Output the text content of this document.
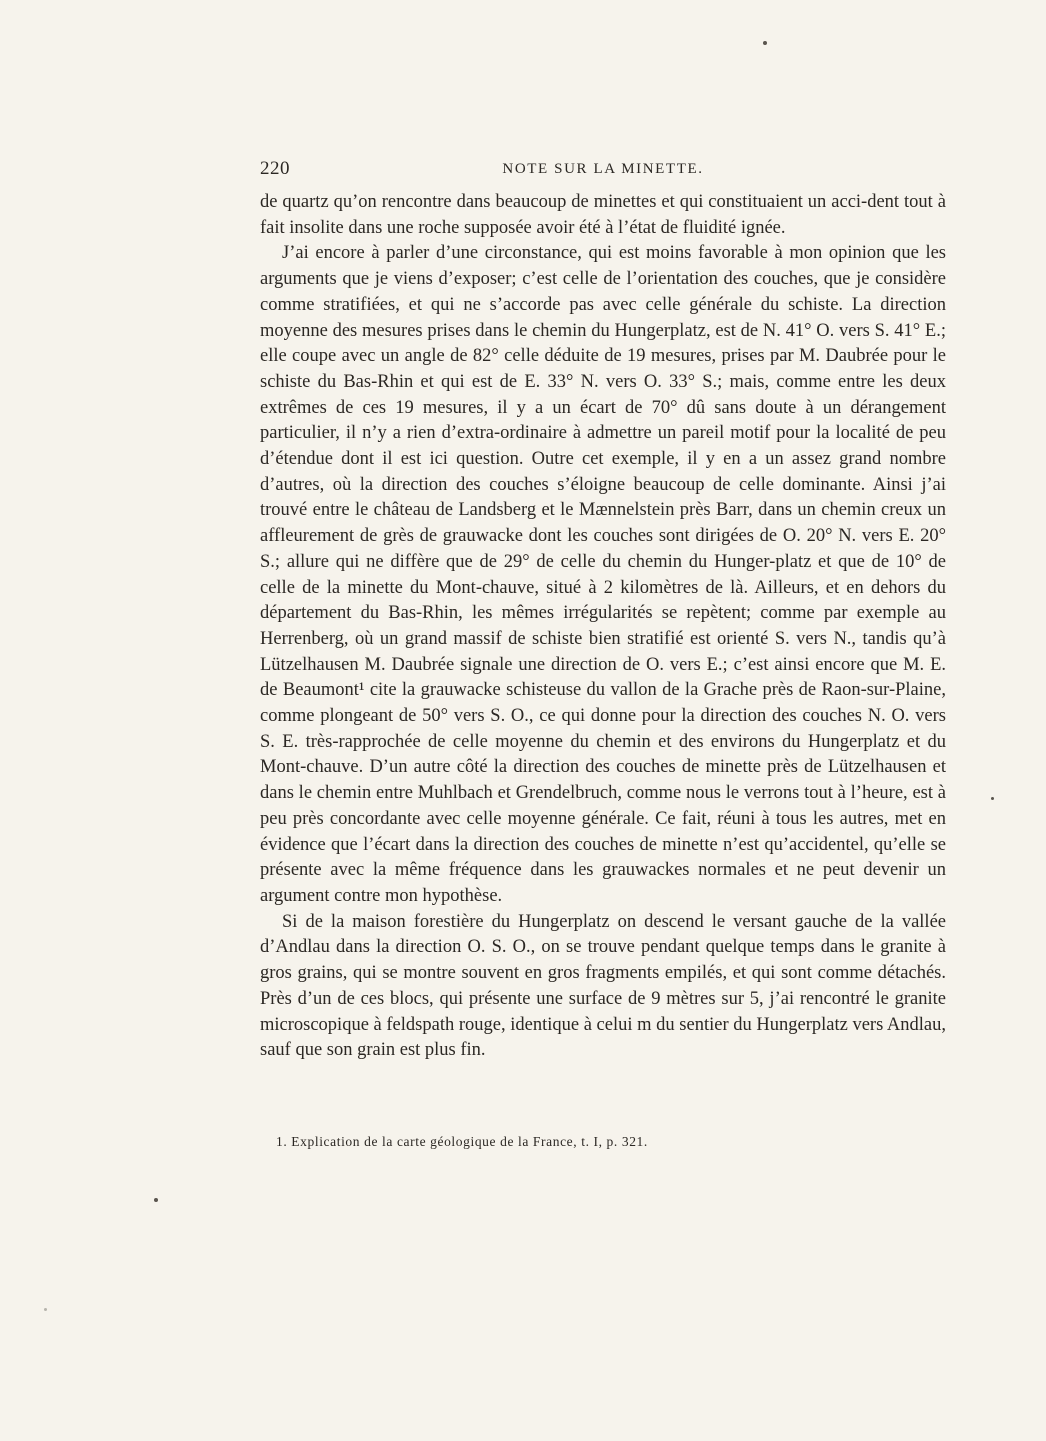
220	NOTE SUR LA MINETTE.

de quartz qu’on rencontre dans beaucoup de minettes et qui constituaient un acci-dent tout à fait insolite dans une roche supposée avoir été à l’état de fluidité ignée.

J’ai encore à parler d’une circonstance, qui est moins favorable à mon opinion que les arguments que je viens d’exposer; c’est celle de l’orientation des couches, que je considère comme stratifiées, et qui ne s’accorde pas avec celle générale du schiste. La direction moyenne des mesures prises dans le chemin du Hungerplatz, est de N. 41° O. vers S. 41° E.; elle coupe avec un angle de 82° celle déduite de 19 mesures, prises par M. Daubrée pour le schiste du Bas-Rhin et qui est de E. 33° N. vers O. 33° S.; mais, comme entre les deux extrêmes de ces 19 mesures, il y a un écart de 70° dû sans doute à un dérangement particulier, il n’y a rien d’extra-ordinaire à admettre un pareil motif pour la localité de peu d’étendue dont il est ici question. Outre cet exemple, il y en a un assez grand nombre d’autres, où la direction des couches s’éloigne beaucoup de celle dominante. Ainsi j’ai trouvé entre le château de Landsberg et le Mænnelstein près Barr, dans un chemin creux un affleurement de grès de grauwacke dont les couches sont dirigées de O. 20° N. vers E. 20° S.; allure qui ne diffère que de 29° de celle du chemin du Hunger-platz et que de 10° de celle de la minette du Mont-chauve, situé à 2 kilomètres de là. Ailleurs, et en dehors du département du Bas-Rhin, les mêmes irrégularités se repètent; comme par exemple au Herrenberg, où un grand massif de schiste bien stratifié est orienté S. vers N., tandis qu’à Lützelhausen M. Daubrée signale une direction de O. vers E.; c’est ainsi encore que M. E. de Beaumont¹ cite la grauwacke schisteuse du vallon de la Grache près de Raon-sur-Plaine, comme plongeant de 50° vers S. O., ce qui donne pour la direction des couches N. O. vers S. E. très-rapprochée de celle moyenne du chemin et des environs du Hungerplatz et du Mont-chauve. D’un autre côté la direction des couches de minette près de Lützelhausen et dans le chemin entre Muhlbach et Grendelbruch, comme nous le verrons tout à l’heure, est à peu près concordante avec celle moyenne générale. Ce fait, réuni à tous les autres, met en évidence que l’écart dans la direction des couches de minette n’est qu’accidentel, qu’elle se présente avec la même fréquence dans les grauwackes normales et ne peut devenir un argument contre mon hypothèse.

Si de la maison forestière du Hungerplatz on descend le versant gauche de la vallée d’Andlau dans la direction O. S. O., on se trouve pendant quelque temps dans le granite à gros grains, qui se montre souvent en gros fragments empilés, et qui sont comme détachés. Près d’un de ces blocs, qui présente une surface de 9 mètres sur 5, j’ai rencontré le granite microscopique à feldspath rouge, identique à celui m du sentier du Hungerplatz vers Andlau, sauf que son grain est plus fin.

1. Explication de la carte géologique de la France, t. I, p. 321.
